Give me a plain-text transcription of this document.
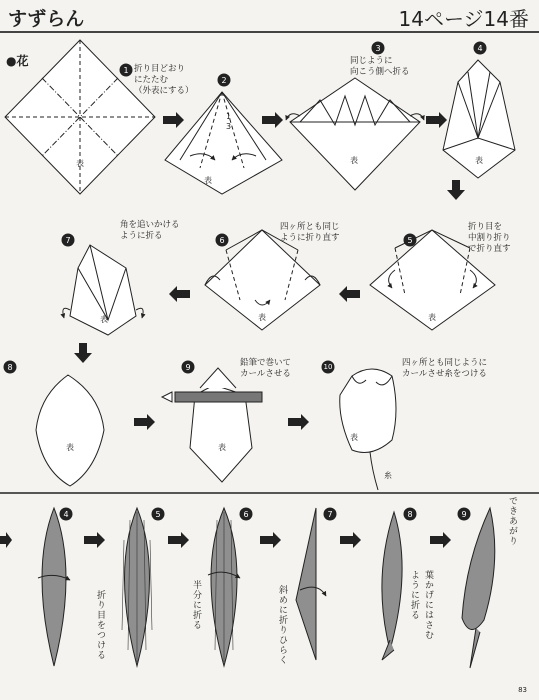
すずらん	14ページ14番
●花
1
2
3	4
5
6
7
8	9	10
折り目どおり
にたたむ
（外表にする）
1
3
同じように
向こう側へ折る
折り目を
中割り折り
で折り直す
四ヶ所とも同じ
ように折り直す
角を追いかける
ように折る
鉛筆で巻いて
カールさせる
四ヶ所とも同じように
カールさせ糸をつける
表
表
表	表
表
表
表
表	表
表
糸
4	5	6	7	8	9
折り目をつける	半分に折る	斜めに折りひらく	葉かげにはさむ
ように折る
できあがり
83
